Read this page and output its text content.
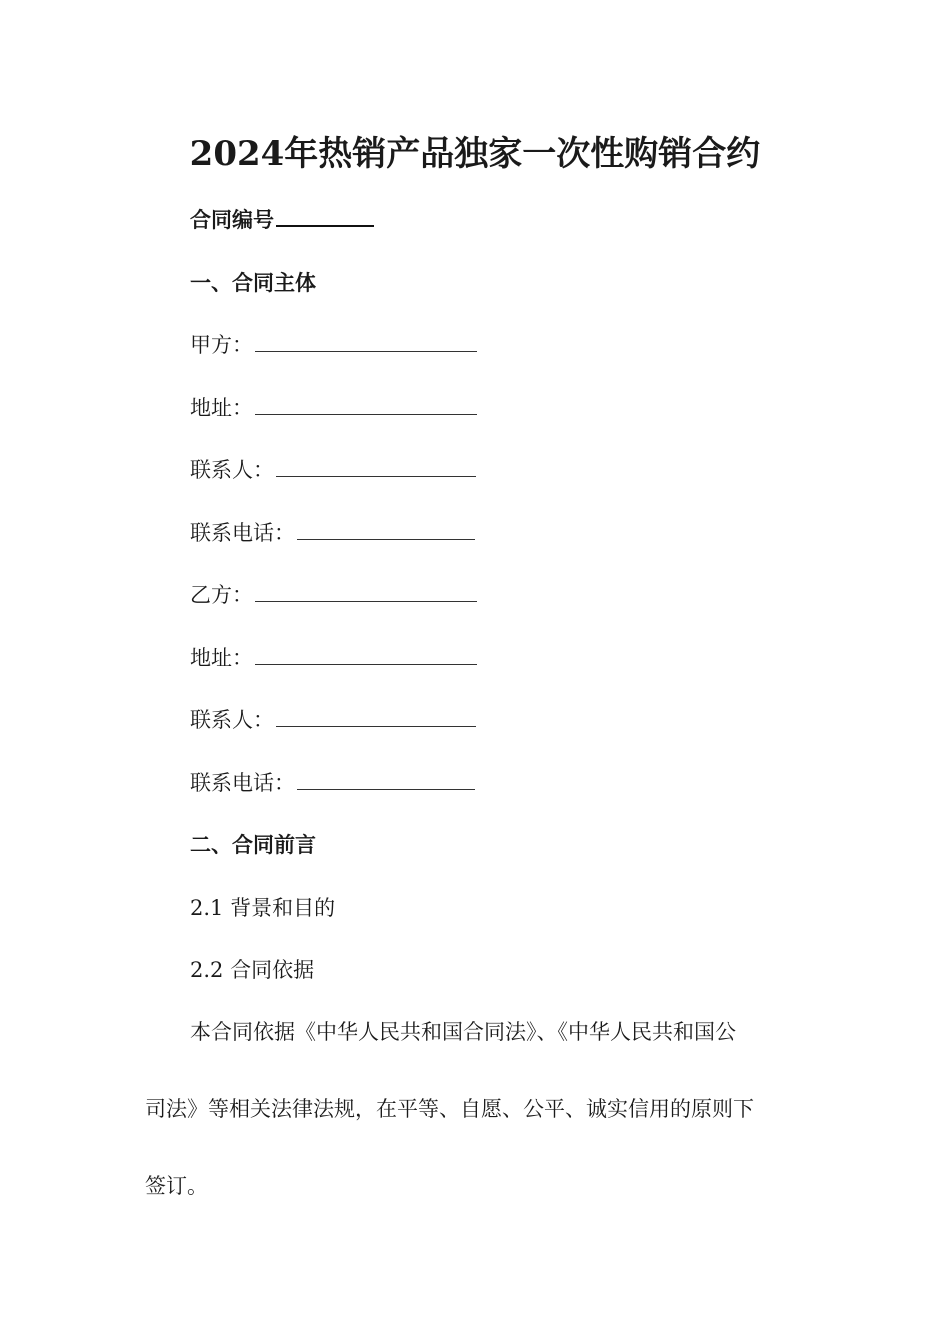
2024年热销产品独家一次性购销合约
合同编号
一、合同主体
甲方：
地址：
联系人：
联系电话：
乙方：
地址：
联系人：
联系电话：
二、合同前言
2.1 背景和目的
2.2 合同依据
本合同依据《中华人民共和国合同法》、《中华人民共和国公
司法》等相关法律法规，在平等、自愿、公平、诚实信用的原则下
签订。
